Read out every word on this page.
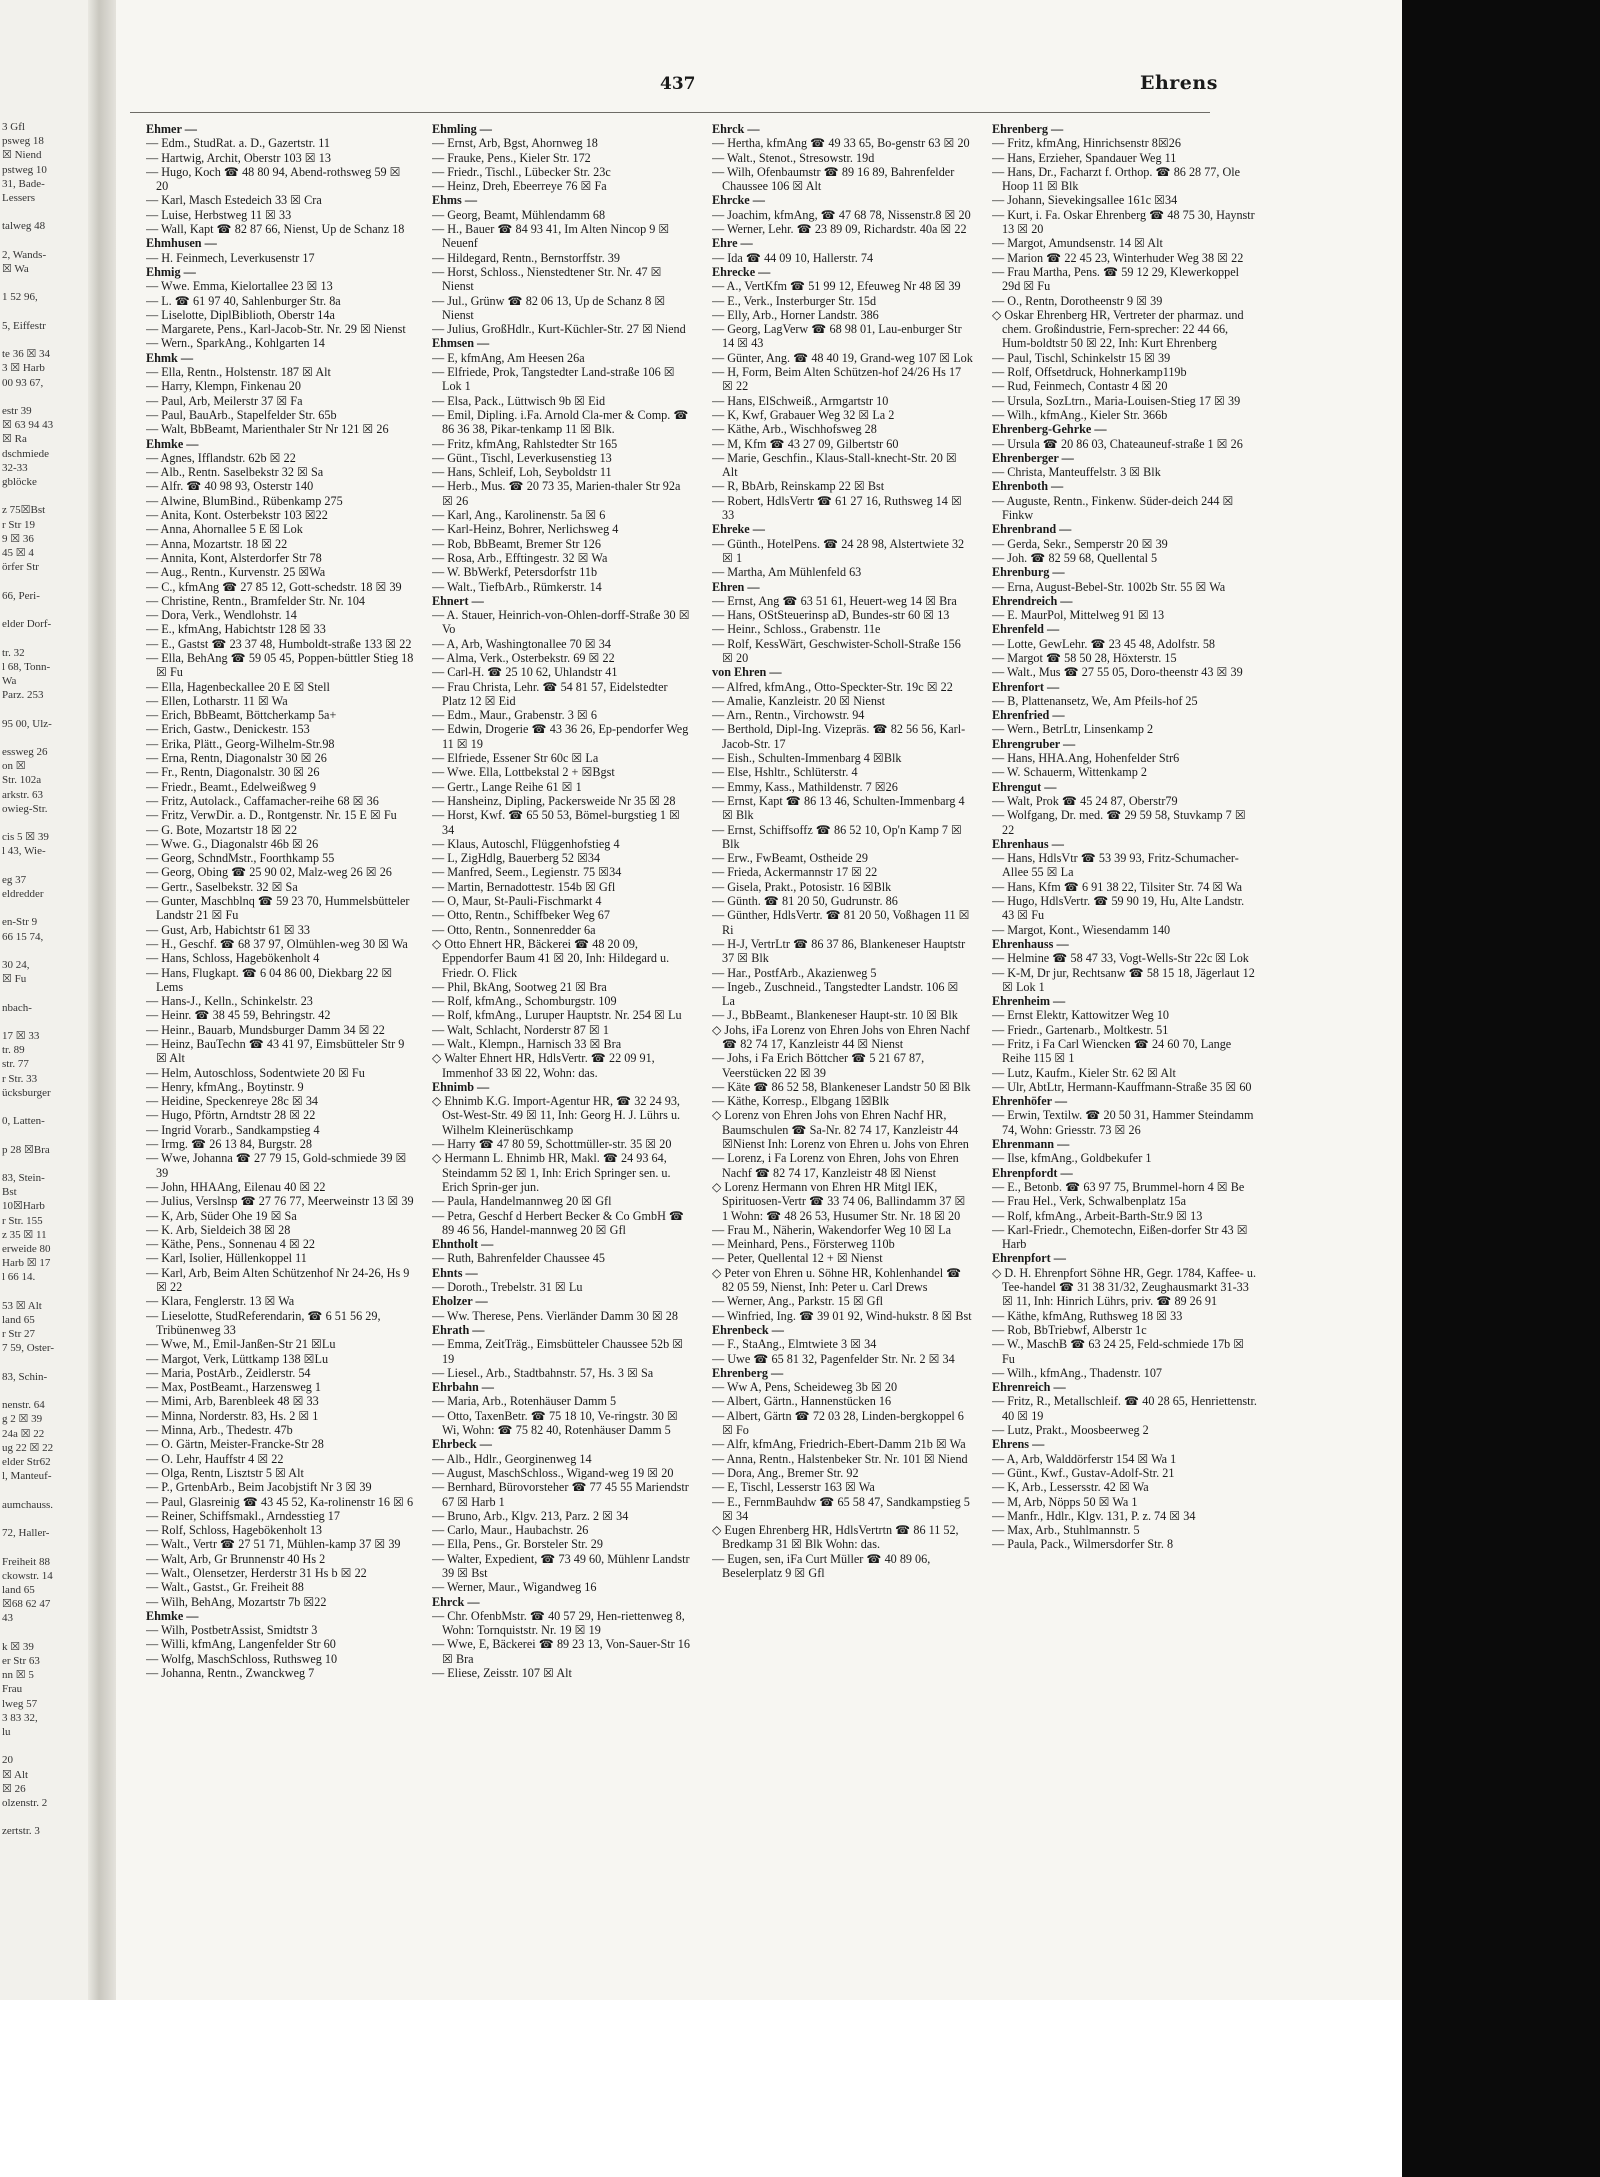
3 Gfl

psweg 18

☒ Niend

pstweg 10

31, Bade-

Lessers

talweg 48

2, Wands-

☒ Wa

1 52 96,

5, Eiffestr

te 36 ☒ 34

3 ☒ Harb

00 93 67,

estr 39

☒ 63 94 43

☒ Ra

dschmiede

32-33

gblöcke

z 75☒Bst

r Str 19

9 ☒ 36

45 ☒ 4

örfer Str

66, Peri-

elder Dorf-

tr. 32

l 68, Tonn-

Wa

Parz. 253

95 00, Ulz-

essweg 26

on ☒

Str. 102a

arkstr. 63

owieg-Str.

cis 5 ☒ 39

l 43, Wie-

eg 37

eldredder

en-Str 9

66 15 74,

30 24,

☒ Fu

nbach-

17 ☒ 33

tr. 89

str. 77

r Str. 33

ücksburger

0, Latten-

p 28 ☒Bra

83, Stein-

Bst

10☒Harb

r Str. 155

z 35 ☒ 11

erweide 80

Harb ☒ 17

l 66 14.

53 ☒ Alt

land 65

r Str 27

7 59, Oster-

83, Schin-

nenstr. 64

g 2 ☒ 39

24a ☒ 22

ug 22 ☒ 22

elder Str62

l, Manteuf-

aumchauss.

72, Haller-

Freiheit 88

ckowstr. 14

land 65

☒68 62 47

43

k ☒ 39

er Str 63

nn ☒ 5

Frau

lweg 57

3 83 32,

lu

20

☒ Alt

☒ 26

olzenstr. 2

zertstr. 3

437	Ehrens

Ehmer —

— Edm., StudRat. a. D., Gazertstr. 11

— Hartwig, Archit, Oberstr 103 ☒ 13

— Hugo, Koch ☎ 48 80 94, Abend-rothsweg 59 ☒ 20

— Karl, Masch Estedeich 33 ☒ Cra

— Luise, Herbstweg 11 ☒ 33

— Wall, Kapt ☎ 82 87 66, Nienst, Up de Schanz 18

Ehmhusen —

— H. Feinmech, Leverkusenstr 17

Ehmig —

— Wwe. Emma, Kielortallee 23 ☒ 13

— L. ☎ 61 97 40, Sahlenburger Str. 8a

— Liselotte, DiplBibliοth, Oberstr 14a

— Margarete, Pens., Karl-Jacob-Str. Nr. 29 ☒ Nienst

— Wern., SparkAng., Kohlgarten 14

Ehmk —

— Ella, Rentn., Holstenstr. 187 ☒ Alt

— Harry, Klempn, Finkenau 20

— Paul, Arb, Meilerstr 37 ☒ Fa

— Paul, BauArb., Stapelfelder Str. 65b

— Walt, BbBeamt, Marienthaler Str Nr 121 ☒ 26

Ehmke —

— Agnes, Ifflandstr. 62b ☒ 22

— Alb., Rentn. Saselbekstr 32 ☒ Sa

— Alfr. ☎ 40 98 93, Osterstr 140

— Alwine, BlumBind., Rübenkamp 275

— Anita, Kont. Osterbekstr 103 ☒22

— Anna, Ahornallee 5 E ☒ Lok

— Anna, Mozartstr. 18 ☒ 22

— Annita, Kont, Alsterdorfer Str 78

— Aug., Rentn., Kurvenstr. 25 ☒Wa

— C., kfmAng ☎ 27 85 12, Gott-schedstr. 18 ☒ 39

— Christine, Rentn., Bramfelder Str. Nr. 104

— Dora, Verk., Wendlohstr. 14

— E., kfmAng, Habichtstr 128 ☒ 33

— E., Gastst ☎ 23 37 48, Humboldt-straße 133 ☒ 22

— Ella, BehAng ☎ 59 05 45, Poppen-büttler Stieg 18 ☒ Fu

— Ella, Hagenbeckallee 20 E ☒ Stell

— Ellen, Lotharstr. 11 ☒ Wa

— Erich, BbBeamt, Böttcherkamp 5a+

— Erich, Gastw., Denickestr. 153

— Erika, Plätt., Georg-Wilhelm-Str.98

— Erna, Rentn, Diagonalstr 30 ☒ 26

— Fr., Rentn, Diagonalstr. 30 ☒ 26

— Friedr., Beamt., Edelweißweg 9

— Fritz, Autolack., Caffamacher-reihe 68 ☒ 36

— Fritz, VerwDir. a. D., Rontgenstr. Nr. 15 E ☒ Fu

— G. Bote, Mozartstr 18 ☒ 22

— Wwe. G., Diagonalstr 46b ☒ 26

— Georg, SchndMstr., Foorthkamp 55

— Georg, Obing ☎ 25 90 02, Malz-weg 26 ☒ 26

— Gertr., Saselbekstr. 32 ☒ Sa

— Gunter, Maschblnq ☎ 59 23 70, Hummelsbütteler Landstr 21 ☒ Fu

— Gust, Arb, Habichtstr 61 ☒ 33

— H., Geschf. ☎ 68 37 97, Olmühlen-weg 30 ☒ Wa

— Hans, Schloss, Hagebökenholt 4

— Hans, Flugkapt. ☎ 6 04 86 00, Diekbarg 22 ☒ Lems

— Hans-J., Kelln., Schinkelstr. 23

— Heinr. ☎ 38 45 59, Behringstr. 42

— Heinr., Bauarb, Mundsburger Damm 34 ☒ 22

— Heinz, BauTechn ☎ 43 41 97, Eimsbütteler Str 9 ☒ Alt

— Helm, Autoschloss, Sodentwiete 20 ☒ Fu

— Henry, kfmAng., Boytinstr. 9

— Heidine, Speckenreye 28c ☒ 34

— Hugo, Pförtn, Arndtstr 28 ☒ 22

— Ingrid Vorarb., Sandkampstieg 4

— Irmg. ☎ 26 13 84, Burgstr. 28

— Wwe, Johanna ☎ 27 79 15, Gold-schmiede 39 ☒ 39

— John, HHAAng, Eilenau 40 ☒ 22

— Julius, Verslnsp ☎ 27 76 77, Meerweinstr 13 ☒ 39

— K, Arb, Süder Ohe 19 ☒ Sa

— K. Arb, Sieldeich 38 ☒ 28

— Käthe, Pens., Sonnenau 4 ☒ 22

— Karl, Isolier, Hüllenkoppel 11

— Karl, Arb, Beim Alten Schützenhof Nr 24-26, Hs 9 ☒ 22

— Klara, Fenglerstr. 13 ☒ Wa

— Lieselotte, StudReferendarin, ☎ 6 51 56 29, Tribünenweg 33

— Wwe, M., Emil-Janßen-Str 21 ☒Lu

— Margot, Verk, Lüttkamp 138 ☒Lu

— Maria, PostArb., Zeidlerstr. 54

— Max, PostBeamt., Harzensweg 1

— Mimi, Arb, Barenbleek 48 ☒ 33

— Minna, Norderstr. 83, Hs. 2 ☒ 1

— Minna, Arb., Thedestr. 47b

— O. Gärtn, Meister-Francke-Str 28

— O. Lehr, Hauffstr 4 ☒ 22

— Olga, Rentn, Lisztstr 5 ☒ Alt

— P., GrtenbArb., Beim Jacobjstift Nr 3 ☒ 39

— Paul, Glasreinig ☎ 43 45 52, Ka-rolinenstr 16 ☒ 6

— Reiner, Schiffsmakl., Arndesstieg 17

— Rolf, Schloss, Hagebökenholt 13

— Walt., Vertr ☎ 27 51 71, Mühlen-kamp 37 ☒ 39

— Walt, Arb, Gr Brunnenstr 40 Hs 2

— Walt., Olensetzer, Herderstr 31 Hs b ☒ 22

— Walt., Gastst., Gr. Freiheit 88

— Wilh, BehAng, Mozartstr 7b ☒22

Ehmke —

— Wilh, PostbetrAssist, Smidtstr 3

— Willi, kfmAng, Langenfelder Str 60

— Wolfg, MaschSchloss, Ruthsweg 10

— Johanna, Rentn., Zwanckweg 7

Ehmling —

— Ernst, Arb, Bgst, Ahornweg 18

— Frauke, Pens., Kieler Str. 172

— Friedr., Tischl., Lübecker Str. 23c

— Heinz, Dreh, Ebeerreye 76 ☒ Fa

Ehms —

— Georg, Beamt, Mühlendamm 68

— H., Bauer ☎ 84 93 41, Im Alten Nincop 9 ☒ Neuenf

— Hildegard, Rentn., Bernstorffstr. 39

— Horst, Schloss., Nienstedtener Str. Nr. 47 ☒ Nienst

— Jul., Grünw ☎ 82 06 13, Up de Schanz 8 ☒ Nienst

— Julius, GroßHdlr., Kurt-Küchler-Str. 27 ☒ Niend

Ehmsen —

— E, kfmAng, Am Heesen 26a

— Elfriede, Prok, Tangstedter Land-straße 106 ☒ Lok 1

— Elsa, Pack., Lüttwisch 9b ☒ Eid

— Emil, Dipling. i.Fa. Arnold Cla-mer & Comp. ☎ 86 36 38, Pikar-tenkamp 11 ☒ Blk.

— Fritz, kfmAng, Rahlstedter Str 165

— Günt., Tischl, Leverkusenstieg 13

— Hans, Schleif, Loh, Seyboldstr 11

— Herb., Mus. ☎ 20 73 35, Marien-thaler Str 92a ☒ 26

— Karl, Ang., Karolinenstr. 5a ☒ 6

— Karl-Heinz, Bohrer, Nerlichsweg 4

— Rob, BbBeamt, Bremer Str 126

— Rosa, Arb., Efftingestr. 32 ☒ Wa

— W. BbWerkf, Petersdorfstr 11b

— Walt., TiefbArb., Rümkerstr. 14

Ehnert —

— A. Stauer, Heinrich-von-Ohlen-dorff-Straße 30 ☒ Vo

— A, Arb, Washingtonallee 70 ☒ 34

— Alma, Verk., Osterbekstr. 69 ☒ 22

— Carl-H. ☎ 25 10 62, Uhlandstr 41

— Frau Christa, Lehr. ☎ 54 81 57, Eidelstedter Platz 12 ☒ Eid

— Edm., Maur., Grabenstr. 3 ☒ 6

— Edwin, Drogerie ☎ 43 36 26, Ep-pendorfer Weg 11 ☒ 19

— Elfriede, Essener Str 60c ☒ La

— Wwe. Ella, Lottbekstal 2 + ☒Bgst

— Gertr., Lange Reihe 61 ☒ 1

— Hansheinz, Dipling, Packersweide Nr 35 ☒ 28

— Horst, Kwf. ☎ 65 50 53, Bömel-burgstieg 1 ☒ 34

— Klaus, Autoschl, Flüggenhofstieg 4

— L, ZigHdlg, Bauerberg 52 ☒34

— Manfred, Seem., Legienstr. 75 ☒34

— Martin, Bernadottestr. 154b ☒ Gfl

— O, Maur, St-Pauli-Fischmarkt 4

— Otto, Rentn., Schiffbeker Weg 67

— Otto, Rentn., Sonnenredder 6a

◇ Otto Ehnert HR, Bäckerei ☎ 48 20 09, Eppendorfer Baum 41 ☒ 20, Inh: Hildegard u. Friedr. O. Flick

— Phil, BkAng, Sootweg 21 ☒ Bra

— Rolf, kfmAng., Schomburgstr. 109

— Rolf, kfmAng., Luruper Hauptstr. Nr. 254 ☒ Lu

— Walt, Schlacht, Norderstr 87 ☒ 1

— Walt., Klempn., Harnisch 33 ☒ Bra

◇ Walter Ehnert HR, HdlsVertr. ☎ 22 09 91, Immenhof 33 ☒ 22, Wohn: das.

Ehnimb —

◇ Ehnimb K.G. Import-Agentur HR, ☎ 32 24 93, Ost-West-Str. 49 ☒ 11, Inh: Georg H. J. Lührs u. Wilhelm Kleinerüschkamp

— Harry ☎ 47 80 59, Schottmüller-str. 35 ☒ 20

◇ Hermann L. Ehnimb HR, Makl. ☎ 24 93 64, Steindamm 52 ☒ 1, Inh: Erich Springer sen. u. Erich Sprin-ger jun.

— Paula, Handelmannweg 20 ☒ Gfl

— Petra, Geschf d Herbert Becker & Co GmbH ☎ 89 46 56, Handel-mannweg 20 ☒ Gfl

Ehntholt —

— Ruth, Bahrenfelder Chaussee 45

Ehnts —

— Doroth., Trebelstr. 31 ☒ Lu

Eholzer —

— Ww. Therese, Pens. Vierländer Damm 30 ☒ 28

Ehrath —

— Emma, ZeitTräg., Eimsbütteler Chaussee 52b ☒ 19

— Liesel., Arb., Stadtbahnstr. 57, Hs. 3 ☒ Sa

Ehrbahn —

— Maria, Arb., Rotenhäuser Damm 5

— Otto, TaxenBetr. ☎ 75 18 10, Ve-ringstr. 30 ☒ Wi, Wohn: ☎ 75 82 40, Rotenhäuser Damm 5

Ehrbeck —

— Alb., Hdlr., Georginenweg 14

— August, MaschSchloss., Wigand-weg 19 ☒ 20

— Bernhard, Bürovorsteher ☎ 77 45 55 Mariendstr 67 ☒ Harb 1

— Bruno, Arb., Klgv. 213, Parz. 2 ☒ 34

— Carlo, Maur., Haubachstr. 26

— Ella, Pens., Gr. Borsteler Str. 29

— Walter, Expedient, ☎ 73 49 60, Mühlenr Landstr 39 ☒ Bst

— Werner, Maur., Wigandweg 16

Ehrck —

— Chr. OfenbMstr. ☎ 40 57 29, Hen-riettenweg 8, Wohn: Tornquiststr. Nr. 19 ☒ 19

— Wwe, E, Bäckerei ☎ 89 23 13, Von-Sauer-Str 16 ☒ Bra

— Eliese, Zeisstr. 107 ☒ Alt

Ehrck —

— Hertha, kfmAng ☎ 49 33 65, Bo-genstr 63 ☒ 20

— Walt., Stenot., Stresowstr. 19d

— Wilh, Ofenbaumstr ☎ 89 16 89, Bahrenfelder Chaussee 106 ☒ Alt

Ehrcke —

— Joachim, kfmAng, ☎ 47 68 78, Nissenstr.8 ☒ 20

— Werner, Lehr. ☎ 23 89 09, Richardstr. 40a ☒ 22

Ehre —

— Ida ☎ 44 09 10, Hallerstr. 74

Ehrecke —

— A., VertKfm ☎ 51 99 12, Efeuweg Nr 48 ☒ 39

— E., Verk., Insterburger Str. 15d

— Elly, Arb., Horner Landstr. 386

— Georg, LagVerw ☎ 68 98 01, Lau-enburger Str 14 ☒ 43

— Günter, Ang. ☎ 48 40 19, Grand-weg 107 ☒ Lok

— H, Form, Beim Alten Schützen-hof 24/26 Hs 17 ☒ 22

— Hans, ElSchweiß., Armgartstr 10

— K, Kwf, Grabauer Weg 32 ☒ La 2

— Käthe, Arb., Wischhofsweg 28

— M, Kfm ☎ 43 27 09, Gilbertstr 60

— Marie, Geschfin., Klaus-Stall-knecht-Str. 20 ☒ Alt

— R, BbArb, Reinskamp 22 ☒ Bst

— Robert, HdlsVertr ☎ 61 27 16, Ruthsweg 14 ☒ 33

Ehreke —

— Günth., HotelPens. ☎ 24 28 98, Alstertwiete 32 ☒ 1

— Martha, Am Mühlenfeld 63

Ehren —

— Ernst, Ang ☎ 63 51 61, Heuert-weg 14 ☒ Bra

— Hans, OStSteuerinsp aD, Bundes-str 60 ☒ 13

— Heinr., Schloss., Grabenstr. 11e

— Rolf, KessWärt, Geschwister-Scholl-Straße 156 ☒ 20

von Ehren —

— Alfred, kfmAng., Otto-Speckter-Str. 19c ☒ 22

— Amalie, Kanzleistr. 20 ☒ Nienst

— Arn., Rentn., Virchowstr. 94

— Berthold, Dipl-Ing. Vizepräs. ☎ 82 56 56, Karl-Jacob-Str. 17

— Eish., Schulten-Immenbarg 4 ☒Blk

— Else, Hshltr., Schlüterstr. 4

— Emmy, Kass., Mathildenstr. 7 ☒26

— Ernst, Kapt ☎ 86 13 46, Schulten-Immenbarg 4 ☒ Blk

— Ernst, Schiffsoffz ☎ 86 52 10, Op'n Kamp 7 ☒ Blk

— Erw., FwBeamt, Ostheide 29

— Frieda, Ackermannstr 17 ☒ 22

— Gisela, Prakt., Potosistr. 16 ☒Blk

— Günth. ☎ 81 20 50, Gudrunstr. 86

— Günther, HdlsVertr. ☎ 81 20 50, Voßhagen 11 ☒ Ri

— H-J, VertrLtr ☎ 86 37 86, Blankeneser Hauptstr 37 ☒ Blk

— Har., PostfArb., Akazienweg 5

— Ingeb., Zuschneid., Tangstedter Landstr. 106 ☒ La

— J., BbBeamt., Blankeneser Haupt-str. 10 ☒ Blk

◇ Johs, iFa Lorenz von Ehren Johs von Ehren Nachf ☎ 82 74 17, Kanzleistr 44 ☒ Nienst

— Johs, i Fa Erich Böttcher ☎ 5 21 67 87, Veerstücken 22 ☒ 39

— Käte ☎ 86 52 58, Blankeneser Landstr 50 ☒ Blk

— Käthe, Korresp., Elbgang 1☒Blk

◇ Lorenz von Ehren Johs von Ehren Nachf HR, Baumschulen ☎ Sa-Nr. 82 74 17, Kanzleistr 44 ☒Nienst Inh: Lorenz von Ehren u. Johs von Ehren

— Lorenz, i Fa Lorenz von Ehren, Johs von Ehren Nachf ☎ 82 74 17, Kanzleistr 48 ☒ Nienst

◇ Lorenz Hermann von Ehren HR Mitgl IEK, Spirituosen-Vertr ☎ 33 74 06, Ballindamm 37 ☒ 1 Wohn: ☎ 48 26 53, Husumer Str. Nr. 18 ☒ 20

— Frau M., Näherin, Wakendorfer Weg 10 ☒ La

— Meinhard, Pens., Försterweg 110b

— Peter, Quellental 12 + ☒ Nienst

◇ Peter von Ehren u. Söhne HR, Kohlenhandel ☎ 82 05 59, Nienst, Inh: Peter u. Carl Drews

— Werner, Ang., Parkstr. 15 ☒ Gfl

— Winfried, Ing. ☎ 39 01 92, Wind-hukstr. 8 ☒ Bst

Ehrenbeck —

— F., StaAng., Elmtwiete 3 ☒ 34

— Uwe ☎ 65 81 32, Pagenfelder Str. Nr. 2 ☒ 34

Ehrenberg —

— Ww A, Pens, Scheideweg 3b ☒ 20

— Albert, Gärtn., Hannenstücken 16

— Albert, Gärtn ☎ 72 03 28, Linden-bergkoppel 6 ☒ Fo

— Alfr, kfmAng, Friedrich-Ebert-Damm 21b ☒ Wa

— Anna, Rentn., Halstenbeker Str. Nr. 101 ☒ Niend

— Dora, Ang., Bremer Str. 92

— E, Tischl, Lesserstr 163 ☒ Wa

— E., FernmBauhdw ☎ 65 58 47, Sandkampstieg 5 ☒ 34

◇ Eugen Ehrenberg HR, HdlsVertrtn ☎ 86 11 52, Bredkamp 31 ☒ Blk Wohn: das.

— Eugen, sen, iFa Curt Müller ☎ 40 89 06, Beselerplatz 9 ☒ Gfl

Ehrenberg —

— Fritz, kfmAng, Hinrichsenstr 8☒26

— Hans, Erzieher, Spandauer Weg 11

— Hans, Dr., Facharzt f. Orthop. ☎ 86 28 77, Ole Hoop 11 ☒ Blk

— Johann, Sievekingsallee 161c ☒34

— Kurt, i. Fa. Oskar Ehrenberg ☎ 48 75 30, Haynstr 13 ☒ 20

— Margot, Amundsenstr. 14 ☒ Alt

— Marion ☎ 22 45 23, Winterhuder Weg 38 ☒ 22

— Frau Martha, Pens. ☎ 59 12 29, Klewerkoppel 29d ☒ Fu

— O., Rentn, Dorotheenstr 9 ☒ 39

◇ Oskar Ehrenberg HR, Vertreter der pharmaz. und chem. Großindustrie, Fern-sprecher: 22 44 66, Hum-boldtstr 50 ☒ 22, Inh: Kurt Ehrenberg

— Paul, Tischl, Schinkelstr 15 ☒ 39

— Rolf, Offsetdruck, Hohnerkamp119b

— Rud, Feinmech, Contastr 4 ☒ 20

— Ursula, SozLtrn., Maria-Louisen-Stieg 17 ☒ 39

— Wilh., kfmAng., Kieler Str. 366b

Ehrenberg-Gehrke —

— Ursula ☎ 20 86 03, Chateauneuf-straße 1 ☒ 26

Ehrenberger —

— Christa, Manteuffelstr. 3 ☒ Blk

Ehrenboth —

— Auguste, Rentn., Finkenw. Süder-deich 244 ☒ Finkw

Ehrenbrand —

— Gerda, Sekr., Semperstr 20 ☒ 39

— Joh. ☎ 82 59 68, Quellental 5

Ehrenburg —

— Erna, August-Bebel-Str. 1002b Str. 55 ☒ Wa

Ehrendreich —

— E. MaurPol, Mittelweg 91 ☒ 13

Ehrenfeld —

— Lotte, GewLehr. ☎ 23 45 48, Adolfstr. 58

— Margot ☎ 58 50 28, Höxterstr. 15

— Walt., Mus ☎ 27 55 05, Doro-theenstr 43 ☒ 39

Ehrenfort —

— B, Plattenansetz, We, Am Pfeils-hof 25

Ehrenfried —

— Wern., BetrLtr, Linsenkamp 2

Ehrengruber —

— Hans, HHA.Ang, Hohenfelder Str6

— W. Schauerm, Wittenkamp 2

Ehrengut —

— Walt, Prok ☎ 45 24 87, Oberstr79

— Wolfgang, Dr. med. ☎ 29 59 58, Stuvkamp 7 ☒ 22

Ehrenhaus —

— Hans, HdlsVtr ☎ 53 39 93, Fritz-Schumacher-Allee 55 ☒ La

— Hans, Kfm ☎ 6 91 38 22, Tilsiter Str. 74 ☒ Wa

— Hugo, HdlsVertr. ☎ 59 90 19, Hu, Alte Landstr. 43 ☒ Fu

— Margot, Kont., Wiesendamm 140

Ehrenhauss —

— Helmine ☎ 58 47 33, Vogt-Wells-Str 22c ☒ Lok

— K-M, Dr jur, Rechtsanw ☎ 58 15 18, Jägerlaut 12 ☒ Lok 1

Ehrenheim —

— Ernst Elektr, Kattowitzer Weg 10

— Friedr., Gartenarb., Moltkestr. 51

— Fritz, i Fa Carl Wiencken ☎ 24 60 70, Lange Reihe 115 ☒ 1

— Lutz, Kaufm., Kieler Str. 62 ☒ Alt

— Ulr, AbtLtr, Hermann-Kauffmann-Straße 35 ☒ 60

Ehrenhöfer —

— Erwin, Textilw. ☎ 20 50 31, Hammer Steindamm 74, Wohn: Griesstr. 73 ☒ 26

Ehrenmann —

— Ilse, kfmAng., Goldbekufer 1

Ehrenpfordt —

— E., Betonb. ☎ 63 97 75, Brummel-horn 4 ☒ Be

— Frau Hel., Verk, Schwalbenplatz 15a

— Rolf, kfmAng., Arbeit-Barth-Str.9 ☒ 13

— Karl-Friedr., Chemotechn, Eißen-dorfer Str 43 ☒ Harb

Ehrenpfort —

◇ D. H. Ehrenpfort Söhne HR, Gegr. 1784, Kaffee- u. Tee-handel ☎ 31 38 31/32, Zeughausmarkt 31-33 ☒ 11, Inh: Hinrich Lührs, priv. ☎ 89 26 91

— Käthe, kfmAng, Ruthsweg 18 ☒ 33

— Rob, BbTriebwf, Alberstr 1c

— W., MaschB ☎ 63 24 25, Feld-schmiede 17b ☒ Fu

— Wilh., kfmAng., Thadenstr. 107

Ehrenreich —

— Fritz, R., Metallschleif. ☎ 40 28 65, Henriettenstr. 40 ☒ 19

— Lutz, Prakt., Moosbeerweg 2

Ehrens —

— A, Arb, Walddörferstr 154 ☒ Wa 1

— Günt., Kwf., Gustav-Adolf-Str. 21

— K, Arb., Lessersstr. 42 ☒ Wa

— M, Arb, Nöpps 50 ☒ Wa 1

— Manfr., Hdlr., Klgv. 131, P. z. 74 ☒ 34

— Max, Arb., Stuhlmannstr. 5

— Paula, Pack., Wilmersdorfer Str. 8
